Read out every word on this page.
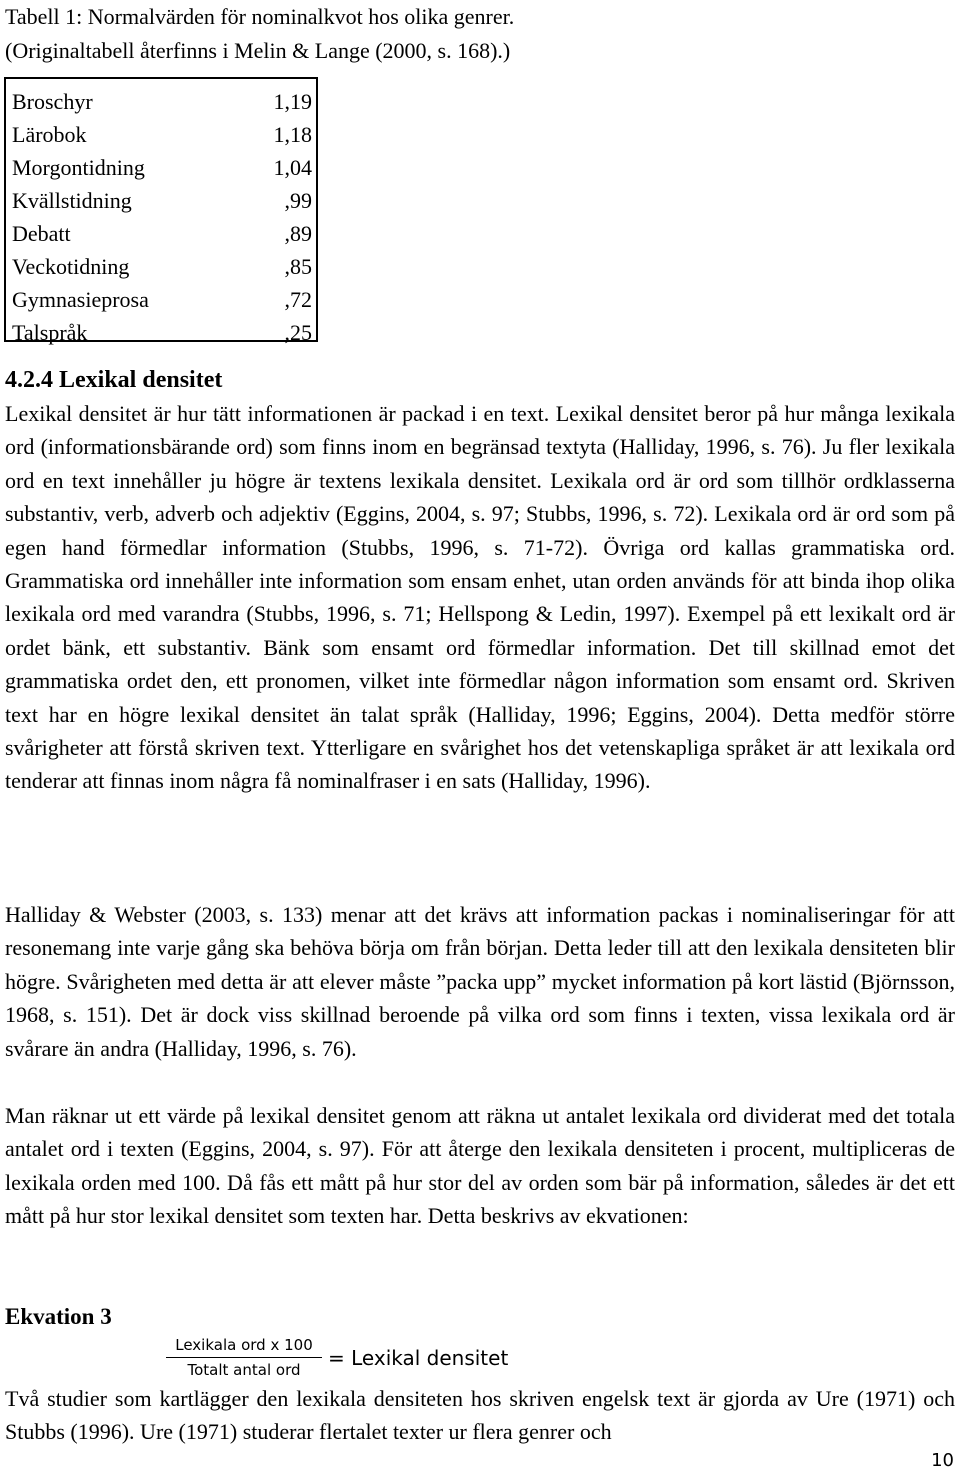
Tabell 1: Normalvärden för nominalkvot hos olika genrer.
(Originaltabell återfinns i Melin & Lange (2000, s. 168).)
Broschyr	1,19
Lärobok	1,18
Morgontidning	1,04
Kvällstidning	,99
Debatt	,89
Veckotidning	,85
Gymnasieprosa	,72
Talspråk	,25
4.2.4 Lexikal densitet
Lexikal densitet är hur tätt informationen är packad i en text. Lexikal densitet beror på hur många lexikala ord (informationsbärande ord) som finns inom en begränsad textyta (Halliday, 1996, s. 76). Ju fler lexikala ord en text innehåller ju högre är textens lexikala densitet. Lexikala ord är ord som tillhör ordklasserna substantiv, verb, adverb och adjektiv (Eggins, 2004, s. 97; Stubbs, 1996, s. 72). Lexikala ord är ord som på egen hand förmedlar information (Stubbs, 1996, s. 71-72). Övriga ord kallas grammatiska ord. Grammatiska ord innehåller inte information som ensam enhet, utan orden används för att binda ihop olika lexikala ord med varandra (Stubbs, 1996, s. 71; Hellspong & Ledin, 1997). Exempel på ett lexikalt ord är ordet bänk, ett substantiv. Bänk som ensamt ord förmedlar information. Det till skillnad emot det grammatiska ordet den, ett pronomen, vilket inte förmedlar någon information som ensamt ord. Skriven text har en högre lexikal densitet än talat språk (Halliday, 1996; Eggins, 2004). Detta medför större svårigheter att förstå skriven text. Ytterligare en svårighet hos det vetenskapliga språket är att lexikala ord tenderar att finnas inom några få nominalfraser i en sats (Halliday, 1996).
Halliday & Webster (2003, s. 133) menar att det krävs att information packas i nominaliseringar för att resonemang inte varje gång ska behöva börja om från början. Detta leder till att den lexikala densiteten blir högre. Svårigheten med detta är att elever måste ”packa upp” mycket information på kort lästid (Björnsson, 1968, s. 151). Det är dock viss skillnad beroende på vilka ord som finns i texten, vissa lexikala ord är svårare än andra (Halliday, 1996, s. 76).
Man räknar ut ett värde på lexikal densitet genom att räkna ut antalet lexikala ord dividerat med det totala antalet ord i texten (Eggins, 2004, s. 97). För att återge den lexikala densiteten i procent, multipliceras de lexikala orden med 100. Då fås ett mått på hur stor del av orden som bär på information, således är det ett mått på hur stor lexikal densitet som texten har. Detta beskrivs av ekvationen:
Ekvation 3
Lexikala ord x 100
Totalt antal ord	= Lexikal densitet
Två studier som kartlägger den lexikala densiteten hos skriven engelsk text är gjorda av Ure (1971) och Stubbs (1996). Ure (1971) studerar flertalet texter ur flera genrer och
10
